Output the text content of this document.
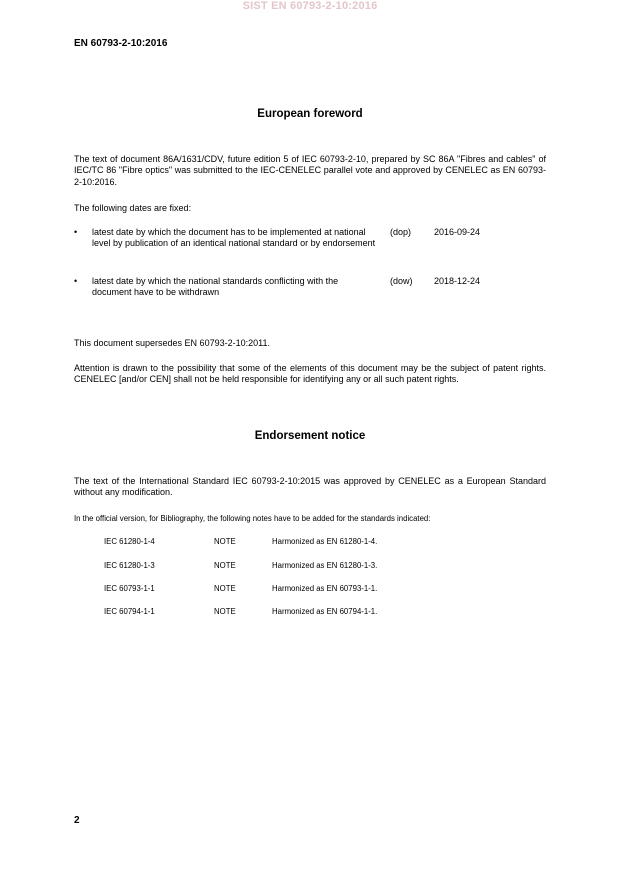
SIST EN 60793-2-10:2016
EN 60793-2-10:2016
European foreword

The text of document 86A/1631/CDV, future edition 5 of IEC 60793-2-10, prepared by SC 86A "Fibres and cables" of IEC/TC 86 "Fibre optics" was submitted to the IEC-CENELEC parallel vote and approved by CENELEC as EN 60793-2-10:2016.

The following dates are fixed:
• latest date by which the document has to be implemented at national level by publication of an identical national standard or by endorsement
(dop)	2016-09-24
• latest date by which the national standards conflicting with the document have to be withdrawn
(dow) 2018-12-24
This document supersedes EN 60793-2-10:2011.

Attention is drawn to the possibility that some of the elements of this document may be the subject of patent rights. CENELEC [and/or CEN] shall not be held responsible for identifying any or all such patent rights.

Endorsement notice

The text of the International Standard IEC 60793-2-10:2015 was approved by CENELEC as a European Standard without any modification.

In the official version, for Bibliography, the following notes have to be added for the standards indicated:
IEC 61280-1-4	NOTE	Harmonized as EN 61280-1-4.
IEC 61280-1-3	NOTE	Harmonized as EN 61280-1-3.
IEC 60793-1-1	NOTE	Harmonized as EN 60793-1-1.
IEC 60794-1-1	NOTE	Harmonized as EN 60794-1-1.
2
